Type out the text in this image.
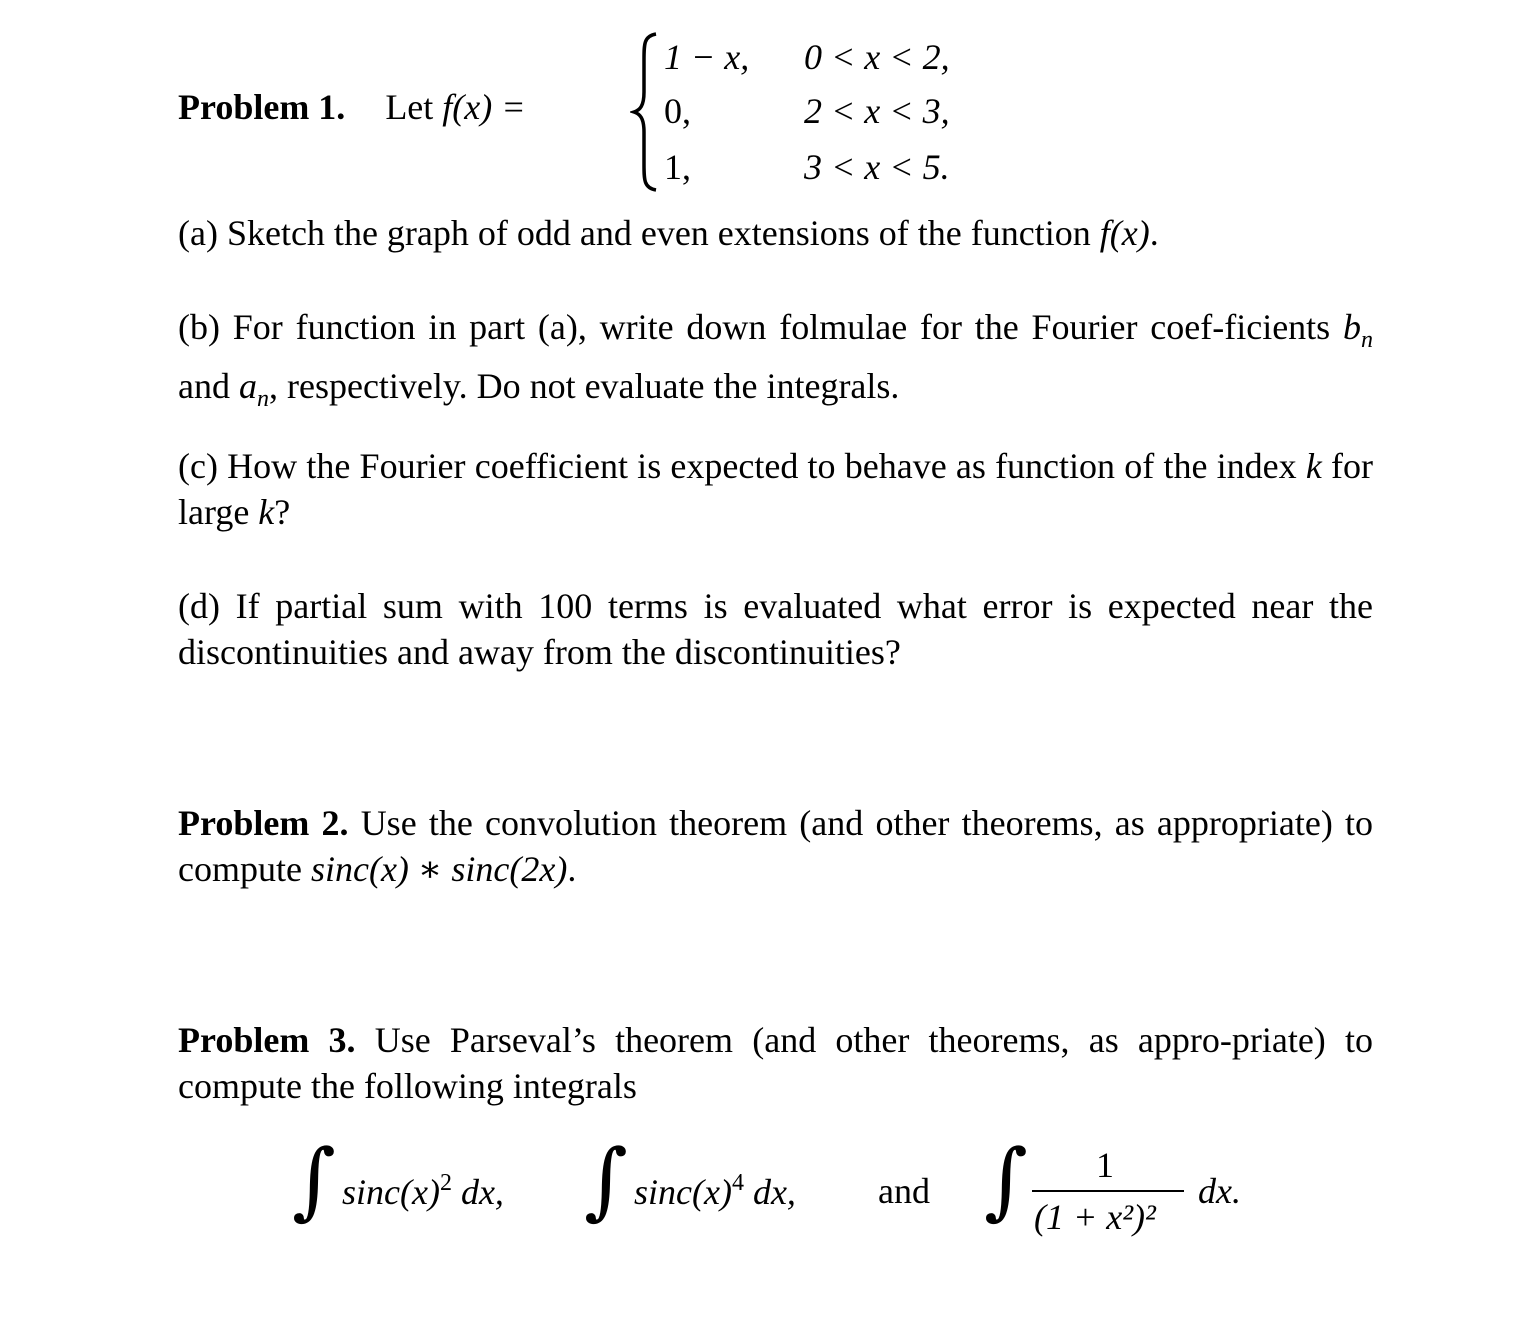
Problem 1. Let f(x) =
1 − x, 0 < x < 2,
0,	2 < x < 3,
1,	3 < x < 5.
(a) Sketch the graph of odd and even extensions of the function f(x).
(b) For function in part (a), write down folmulae for the Fourier coef-ficients $b_n$ and $a_n$, respectively. Do not evaluate the integrals.
(c) How the Fourier coefficient is expected to behave as function of the index k for large k?
(d) If partial sum with 100 terms is evaluated what error is expected near the discontinuities and away from the discontinuities?
Problem 2. Use the convolution theorem (and other theorems, as appropriate) to compute sinc(x) ∗ sinc(2x).
Problem 3. Use Parseval’s theorem (and other theorems, as appro-priate) to compute the following integrals
∫ $\sin c(x)^2$ dx, ∫ $\sin c(x)^4$ dx, and ∫ 1
(1 + x²)²
dx.
